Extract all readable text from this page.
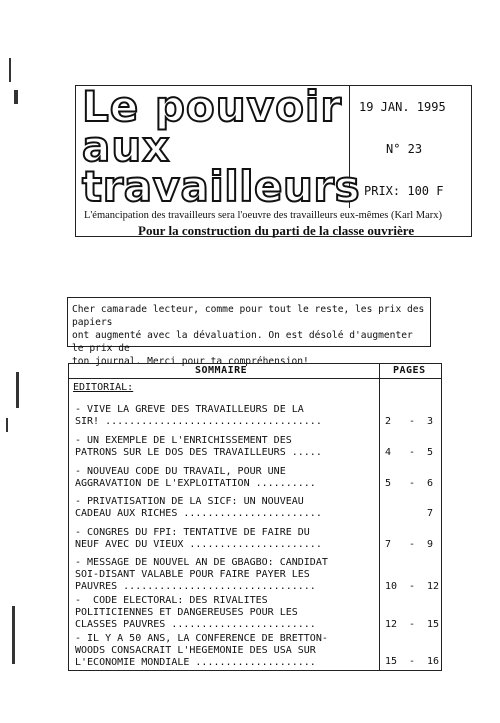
Le pouvoir
aux
travailleurs
19 JAN. 1995
N° 23
PRIX: 100 F
L'émancipation des travailleurs sera l'oeuvre des travailleurs eux-mêmes (Karl Marx)
Pour la construction du parti de la classe ouvrière
Cher camarade lecteur, comme pour tout le reste, les prix des papiers
ont augmenté avec la dévaluation. On est désolé d'augmenter le prix de
ton journal. Merci pour ta compréhension!
SOMMAIRE	PAGES
EDITORIAL:
- VIVE LA GREVE DES TRAVAILLEURS DE LA
SIR! ....................................	2 - 3
- UN EXEMPLE DE L'ENRICHISSEMENT DES
PATRONS SUR LE DOS DES TRAVAILLEURS .....	4 - 5
- NOUVEAU CODE DU TRAVAIL, POUR UNE
AGGRAVATION DE L'EXPLOITATION ..........	5 - 6
- PRIVATISATION DE LA SICF: UN NOUVEAU
CADEAU AUX RICHES .......................	7
- CONGRES DU FPI: TENTATIVE DE FAIRE DU
NEUF AVEC DU VIEUX ......................	7 - 9
- MESSAGE DE NOUVEL AN DE GBAGBO: CANDIDAT
SOI-DISANT VALABLE POUR FAIRE PAYER LES
PAUVRES ................................	10 - 12
-  CODE ELECTORAL: DES RIVALITES
POLITICIENNES ET DANGEREUSES POUR LES
CLASSES PAUVRES ........................	12 - 15
- IL Y A 50 ANS, LA CONFERENCE DE BRETTON-
WOODS CONSACRAIT L'HEGEMONIE DES USA SUR
L'ECONOMIE MONDIALE ....................	15 - 16
